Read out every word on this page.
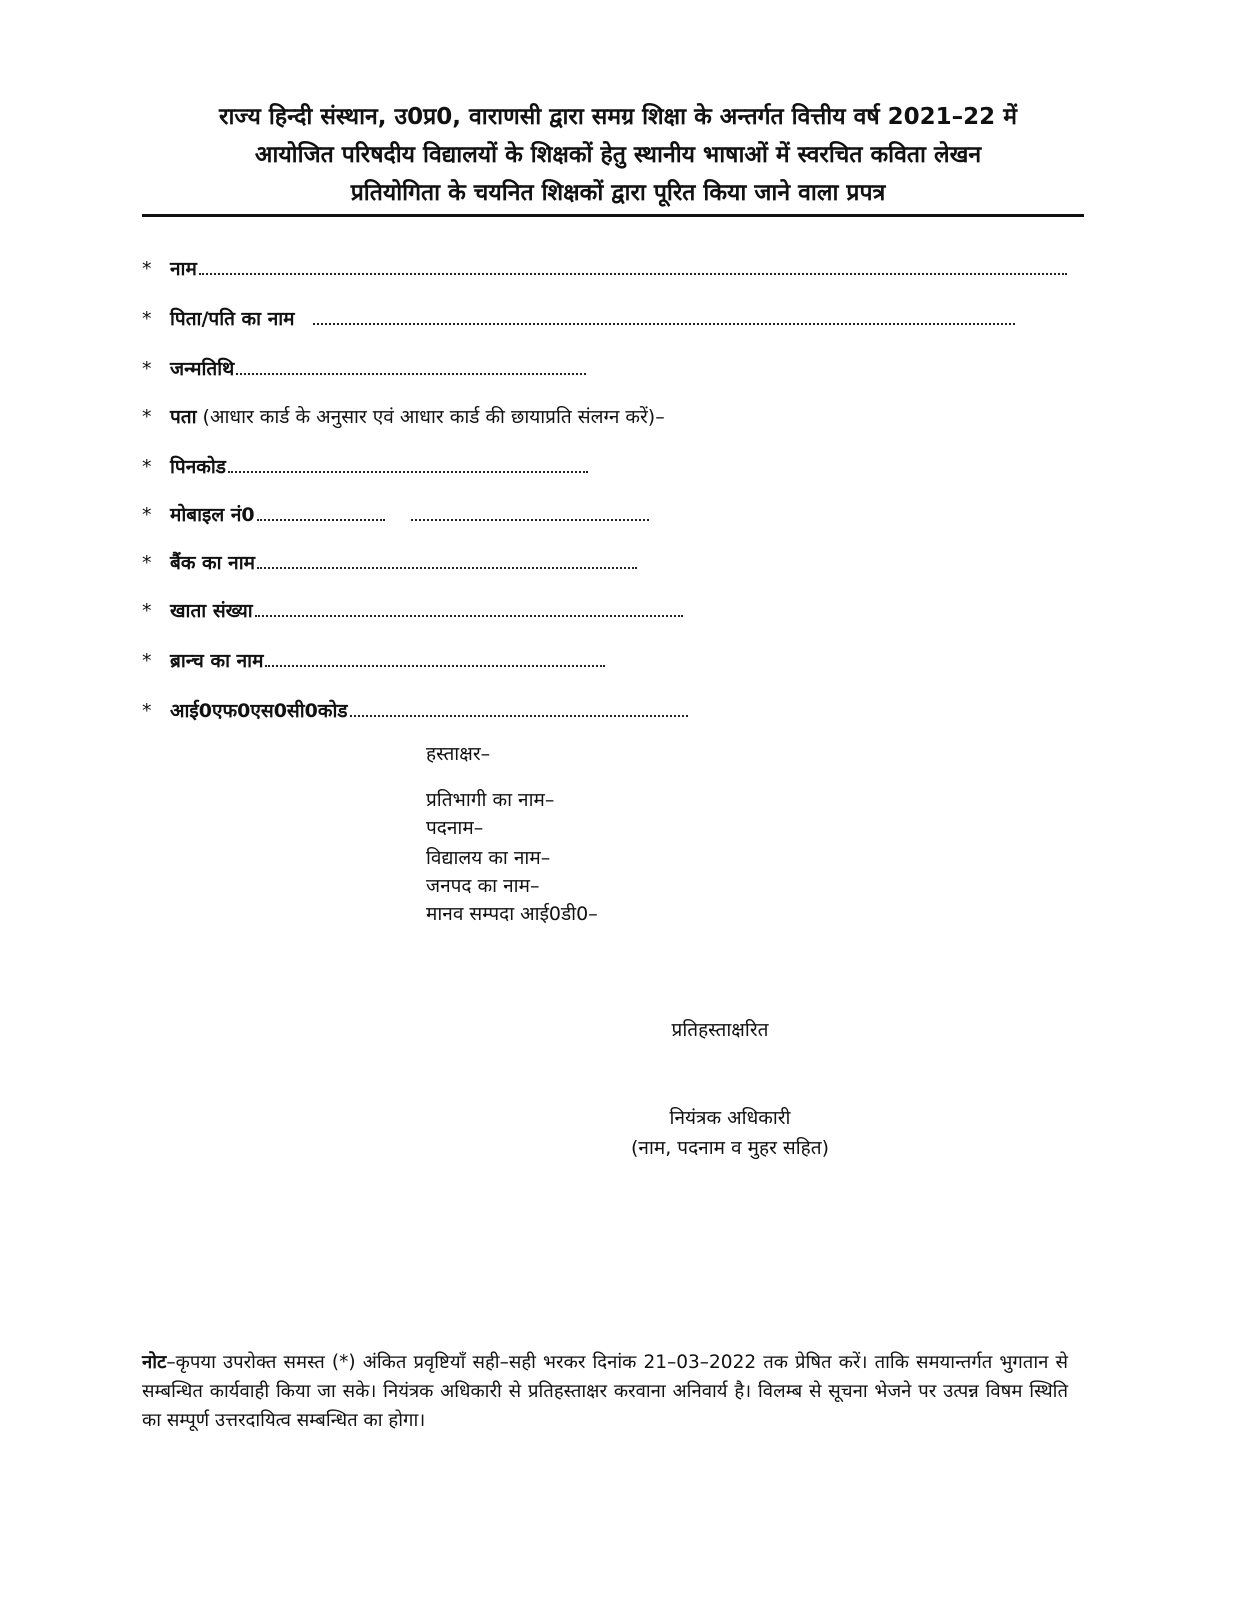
राज्य हिन्दी संस्थान, उ0प्र0, वाराणसी द्वारा समग्र शिक्षा के अन्तर्गत वित्तीय वर्ष 2021–22 में
आयोजित परिषदीय विद्यालयों के शिक्षकों हेतु स्थानीय भाषाओं में स्वरचित कविता लेखन
प्रतियोगिता के चयनित शिक्षकों द्वारा पूरित किया जाने वाला प्रपत्र
* नाम
* पिता/पति का नाम
* जन्मतिथि
* पता (आधार कार्ड के अनुसार एवं आधार कार्ड की छायाप्रति संलग्न करें)–
* पिनकोड
* मोबाइल नं0
* बैंक का नाम
* खाता संख्या
* ब्रान्च का नाम
* आई0एफ0एस0सी0कोड
हस्ताक्षर–
प्रतिभागी का नाम–
पदनाम–
विद्यालय का नाम–
जनपद का नाम–
मानव सम्पदा आई0डी0–
प्रतिहस्ताक्षरित
नियंत्रक अधिकारी
(नाम, पदनाम व मुहर सहित)

नोट–कृपया उपरोक्त समस्त (*) अंकित प्रवृष्टियाँ सही–सही भरकर दिनांक 21–03–2022 तक प्रेषित करें। ताकि समयान्तर्गत भुगतान से सम्बन्धित कार्यवाही किया जा सके। नियंत्रक अधिकारी से प्रतिहस्ताक्षर करवाना अनिवार्य है। विलम्ब से सूचना भेजने पर उत्पन्न विषम स्थिति का सम्पूर्ण उत्तरदायित्व सम्बन्धित का होगा।
